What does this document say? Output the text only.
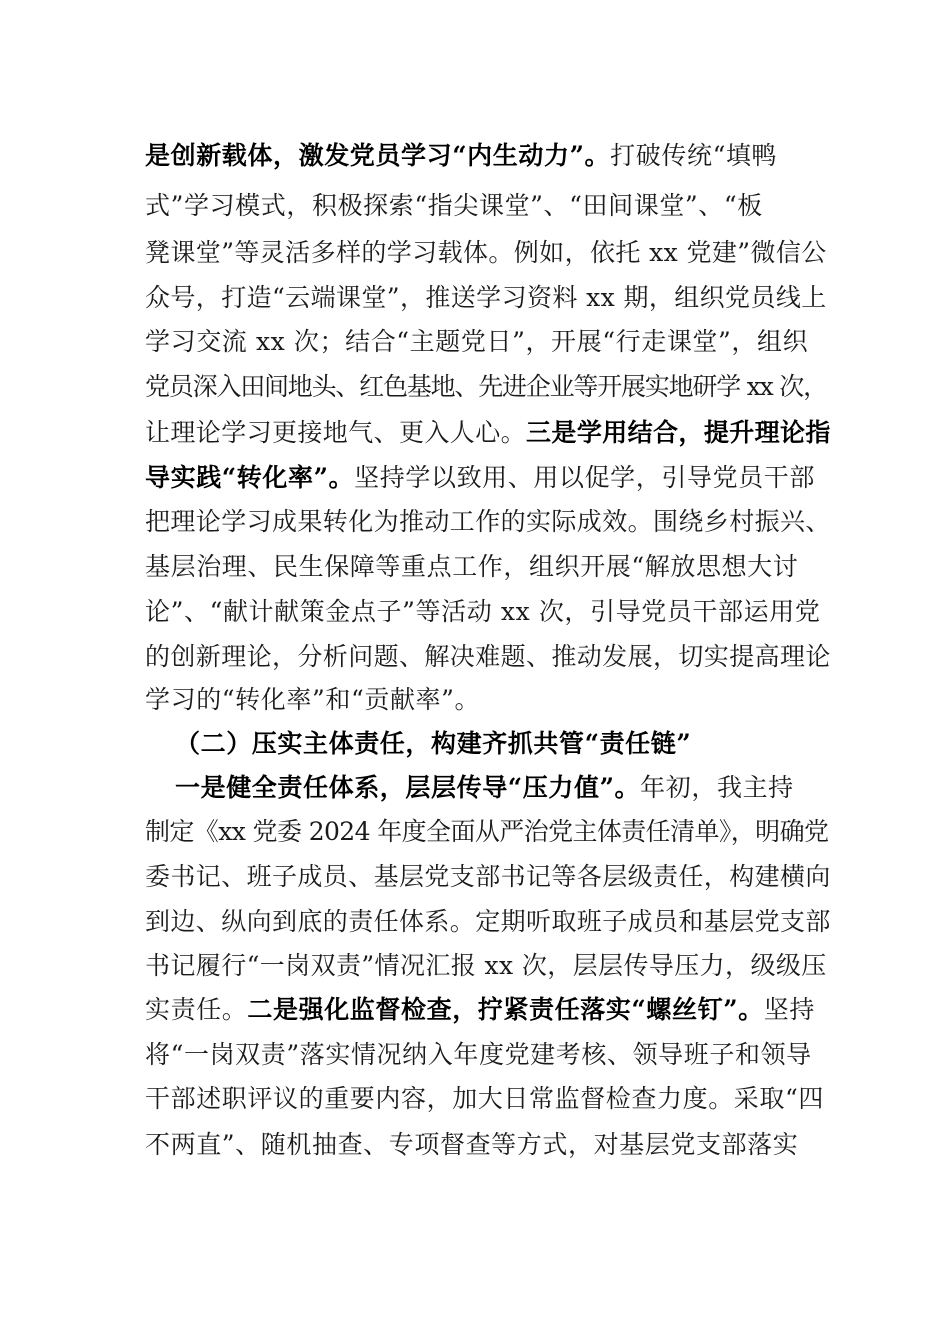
是创新载体，激发党员学习“内生动力”。打破传统“填鸭
式”学习模式，积极探索“指尖课堂”、“田间课堂”、“板
凳课堂”等灵活多样的学习载体。例如，依托 xx 党建”微信公
众号，打造“云端课堂”，推送学习资料 xx 期，组织党员线上
学习交流 xx 次；结合“主题党日”，开展“行走课堂”，组织
党员深入田间地头、红色基地、先进企业等开展实地研学 xx 次，
让理论学习更接地气、更入人心。三是学用结合，提升理论指
导实践“转化率”。坚持学以致用、用以促学，引导党员干部
把理论学习成果转化为推动工作的实际成效。围绕乡村振兴、
基层治理、民生保障等重点工作，组织开展“解放思想大讨
论”、“献计献策金点子”等活动 xx 次，引导党员干部运用党
的创新理论，分析问题、解决难题、推动发展，切实提高理论
学习的“转化率”和“贡献率”。
（二）压实主体责任，构建齐抓共管“责任链”
一是健全责任体系，层层传导“压力值”。年初，我主持
制定《xx 党委 2024 年度全面从严治党主体责任清单》，明确党
委书记、班子成员、基层党支部书记等各层级责任，构建横向
到边、纵向到底的责任体系。定期听取班子成员和基层党支部
书记履行“一岗双责”情况汇报 xx 次，层层传导压力，级级压
实责任。二是强化监督检查，拧紧责任落实“螺丝钉”。坚持
将“一岗双责”落实情况纳入年度党建考核、领导班子和领导
干部述职评议的重要内容，加大日常监督检查力度。采取“四
不两直”、随机抽查、专项督查等方式，对基层党支部落实
